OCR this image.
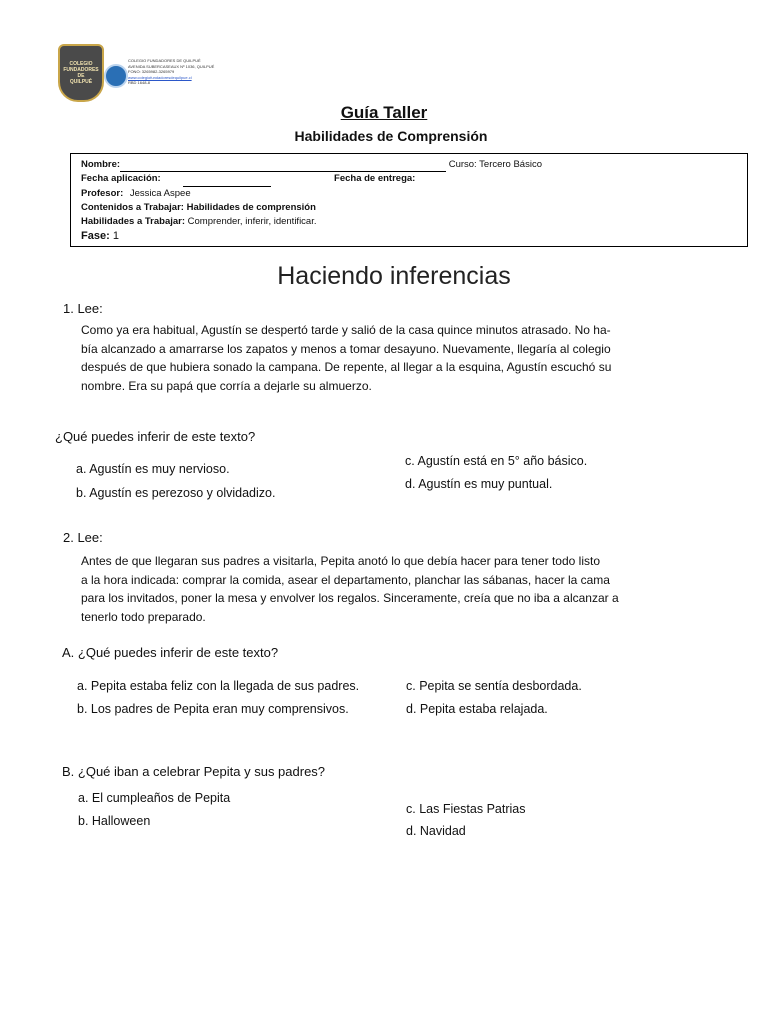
COLEGIO
FUNDADORES
DE
QUILPUÉ
COLEGIO FUNDADORES DE QUILPUÉ
AVENIDA SUBERCASEAUX Nº 1036, QUILPUÉ
FONO: 3265982-3265979
www.colegiofundadoresdequilpue.cl
RBD 1648-8
Guía Taller
Habilidades de Comprensión
Nombre:	Curso: Tercero Básico
Fecha aplicación:	Fecha de entrega:
Profesor: Jessica Aspee
Contenidos a Trabajar: Habilidades de comprensión
Habilidades a Trabajar: Comprender, inferir, identificar.
Fase: 1
Haciendo inferencias
1. Lee:
Como ya era habitual, Agustín se despertó tarde y salió de la casa quince minutos atrasado. No ha-
bía alcanzado a amarrarse los zapatos y menos a tomar desayuno. Nuevamente, llegaría al colegio
después de que hubiera sonado la campana. De repente, al llegar a la esquina, Agustín escuchó su
nombre. Era su papá que corría a dejarle su almuerzo.
¿Qué puedes inferir de este texto?
a. Agustín es muy nervioso.
b. Agustín es perezoso y olvidadizo.
c. Agustín está en 5° año básico.
d. Agustín es muy puntual.
2. Lee:
Antes de que llegaran sus padres a visitarla, Pepita anotó lo que debía hacer para tener todo listo
a la hora indicada: comprar la comida, asear el departamento, planchar las sábanas, hacer la cama
para los invitados, poner la mesa y envolver los regalos. Sinceramente, creía que no iba a alcanzar a
tenerlo todo preparado.
A. ¿Qué puedes inferir de este texto?
a. Pepita estaba feliz con la llegada de sus padres.
b. Los padres de Pepita eran muy comprensivos.
c. Pepita se sentía desbordada.
d. Pepita estaba relajada.
B. ¿Qué iban a celebrar Pepita y sus padres?
a. El cumpleaños de Pepita
b. Halloween
c. Las Fiestas Patrias
d. Navidad
